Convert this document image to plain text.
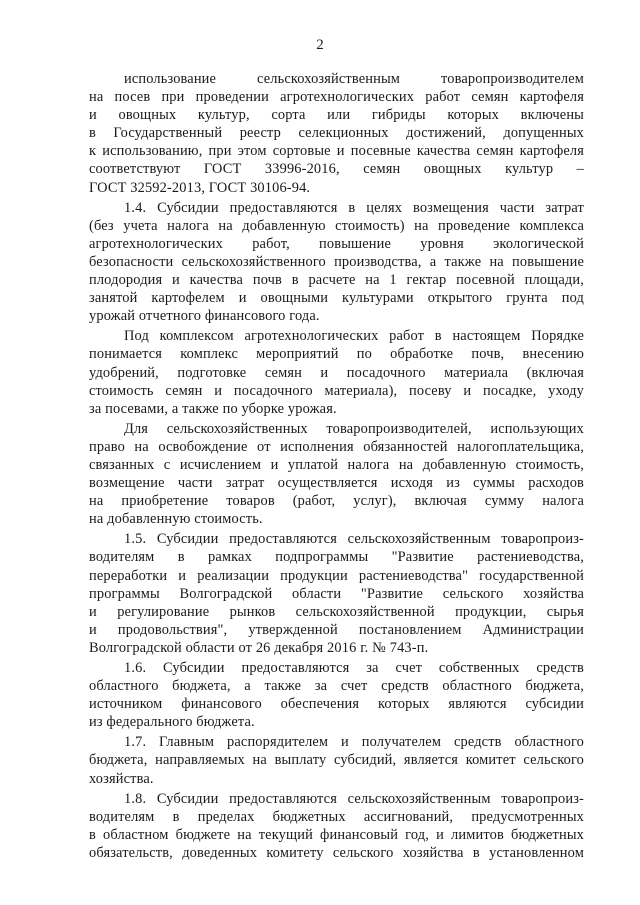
2
использование сельскохозяйственным товаропроизводителем
на посев при проведении агротехнологических работ семян картофеля
и овощных культур, сорта или гибриды которых включены
в Государственный реестр селекционных достижений, допущенных
к использованию, при этом сортовые и посевные качества семян картофеля
соответствуют ГОСТ 33996-2016, семян овощных культур –
ГОСТ 32592-2013, ГОСТ 30106-94.
1.4. Субсидии предоставляются в целях возмещения части затрат
(без учета налога на добавленную стоимость) на проведение комплекса
агротехнологических работ, повышение уровня экологической
безопасности сельскохозяйственного производства, а также на повышение
плодородия и качества почв в расчете на 1 гектар посевной площади,
занятой картофелем и овощными культурами открытого грунта под
урожай отчетного финансового года.
Под комплексом агротехнологических работ в настоящем Порядке
понимается комплекс мероприятий по обработке почв, внесению
удобрений, подготовке семян и посадочного материала (включая
стоимость семян и посадочного материала), посеву и посадке, уходу
за посевами, а также по уборке урожая.
Для сельскохозяйственных товаропроизводителей, использующих
право на освобождение от исполнения обязанностей налогоплательщика,
связанных с исчислением и уплатой налога на добавленную стоимость,
возмещение части затрат осуществляется исходя из суммы расходов
на приобретение товаров (работ, услуг), включая сумму налога
на добавленную стоимость.
1.5. Субсидии предоставляются сельскохозяйственным товаропроиз-
водителям в рамках подпрограммы "Развитие растениеводства,
переработки и реализации продукции растениеводства" государственной
программы Волгоградской области "Развитие сельского хозяйства
и регулирование рынков сельскохозяйственной продукции, сырья
и продовольствия", утвержденной постановлением Администрации
Волгоградской области от 26 декабря 2016 г. № 743-п.
1.6. Субсидии предоставляются за счет собственных средств
областного бюджета, а также за счет средств областного бюджета,
источником финансового обеспечения которых являются субсидии
из федерального бюджета.
1.7. Главным распорядителем и получателем средств областного
бюджета, направляемых на выплату субсидий, является комитет сельского
хозяйства.
1.8. Субсидии предоставляются сельскохозяйственным товаропроиз-
водителям в пределах бюджетных ассигнований, предусмотренных
в областном бюджете на текущий финансовый год, и лимитов бюджетных
обязательств, доведенных комитету сельского хозяйства в установленном
